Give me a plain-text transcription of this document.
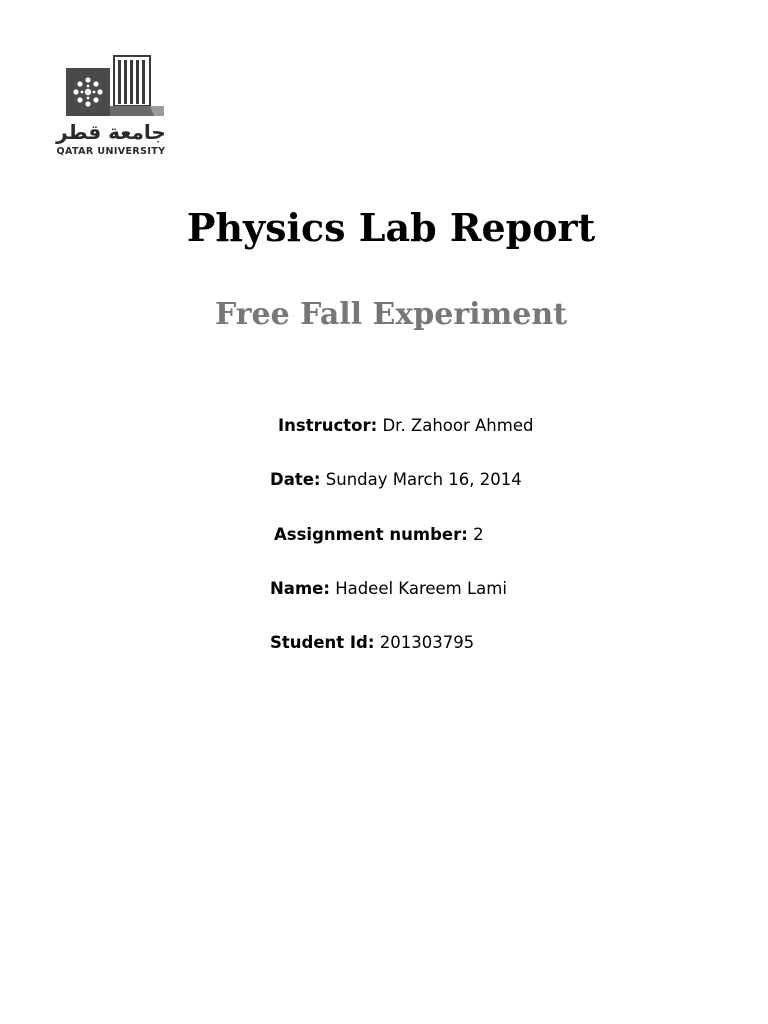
جامعة قطر
QATAR UNIVERSITY
Physics Lab Report
Free Fall Experiment
Instructor: Dr. Zahoor Ahmed
Date: Sunday March 16, 2014
Assignment number: 2
Name: Hadeel Kareem Lami
Student Id: 201303795
